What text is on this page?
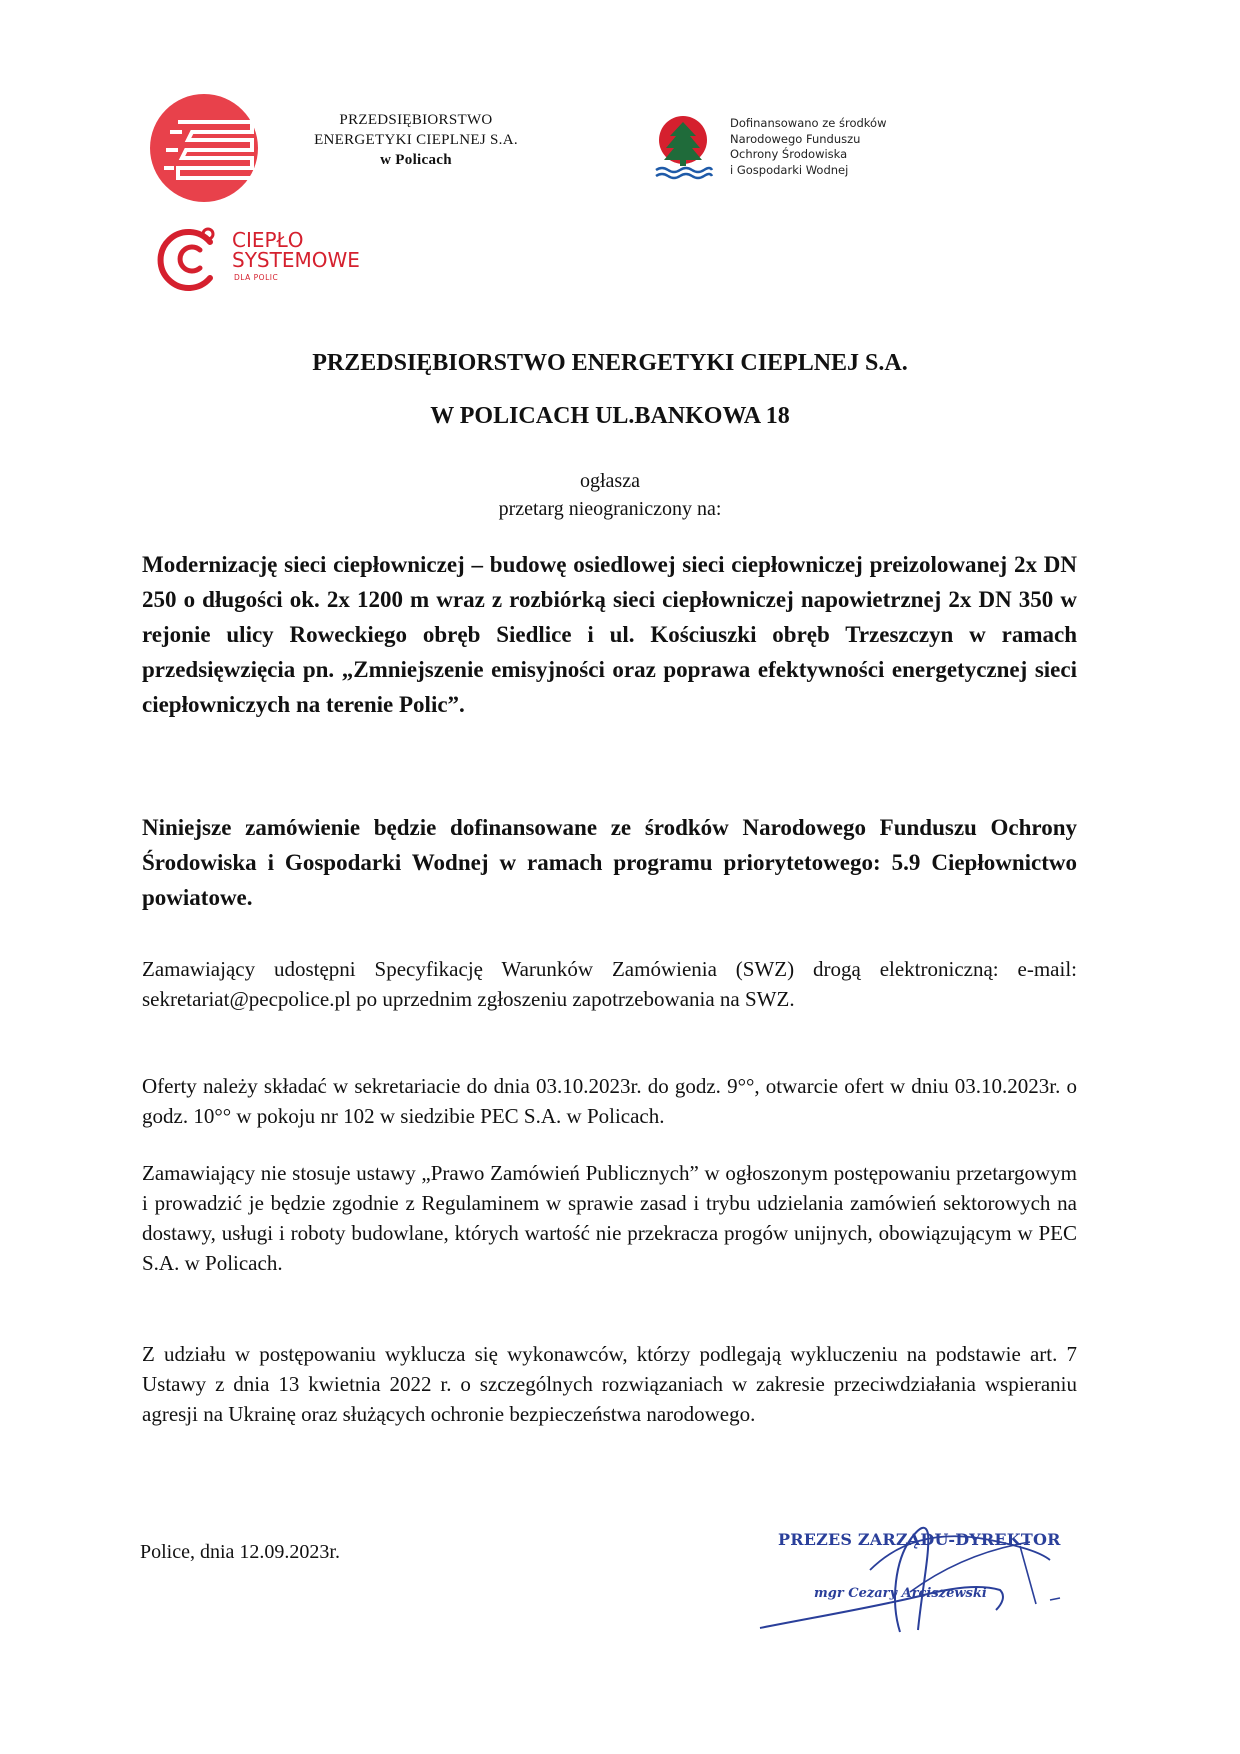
PRZEDSIĘBIORSTWO
ENERGETYKI CIEPLNEJ S.A.
w Policach
Dofinansowano ze środków
Narodowego Funduszu
Ochrony Środowiska
i Gospodarki Wodnej
CIEPŁO
SYSTEMOWE
DLA POLIC
PRZEDSIĘBIORSTWO ENERGETYKI CIEPLNEJ S.A.
W POLICACH UL.BANKOWA 18
ogłasza
przetarg nieograniczony na:

Modernizację sieci ciepłowniczej – budowę osiedlowej sieci ciepłowniczej preizolowanej 2x DN 250 o długości ok. 2x 1200 m wraz z rozbiórką sieci ciepłowniczej napowietrznej 2x DN 350 w rejonie ulicy Roweckiego obręb Siedlice i ul. Kościuszki obręb Trzeszczyn w ramach przedsięwzięcia pn. „Zmniejszenie emisyjności oraz poprawa efektywności energetycznej sieci ciepłowniczych na terenie Polic”.

Niniejsze zamówienie będzie dofinansowane ze środków Narodowego Funduszu Ochrony Środowiska i Gospodarki Wodnej w ramach programu priorytetowego: 5.9 Ciepłownictwo powiatowe.

Zamawiający udostępni Specyfikację Warunków Zamówienia (SWZ) drogą elektroniczną: e-mail: sekretariat@pecpolice.pl po uprzednim zgłoszeniu zapotrzebowania na SWZ.

Oferty należy składać w sekretariacie do dnia 03.10.2023r. do godz. 9°°, otwarcie ofert w dniu 03.10.2023r. o godz. 10°° w pokoju nr 102 w siedzibie PEC S.A. w Policach.

Zamawiający nie stosuje ustawy „Prawo Zamówień Publicznych” w ogłoszonym postępowaniu przetargowym i prowadzić je będzie zgodnie z Regulaminem w sprawie zasad i trybu udzielania zamówień sektorowych na dostawy, usługi i roboty budowlane, których wartość nie przekracza progów unijnych, obowiązującym w PEC S.A. w Policach.

Z udziału w postępowaniu wyklucza się wykonawców, którzy podlegają wykluczeniu na podstawie art. 7 Ustawy z dnia 13 kwietnia 2022 r. o szczególnych rozwiązaniach w zakresie przeciwdziałania wspieraniu agresji na Ukrainę oraz służących ochronie bezpieczeństwa narodowego.

Police, dnia 12.09.2023r.
PREZES ZARZĄDU-DYREKTOR
mgr Cezary Arciszewski
